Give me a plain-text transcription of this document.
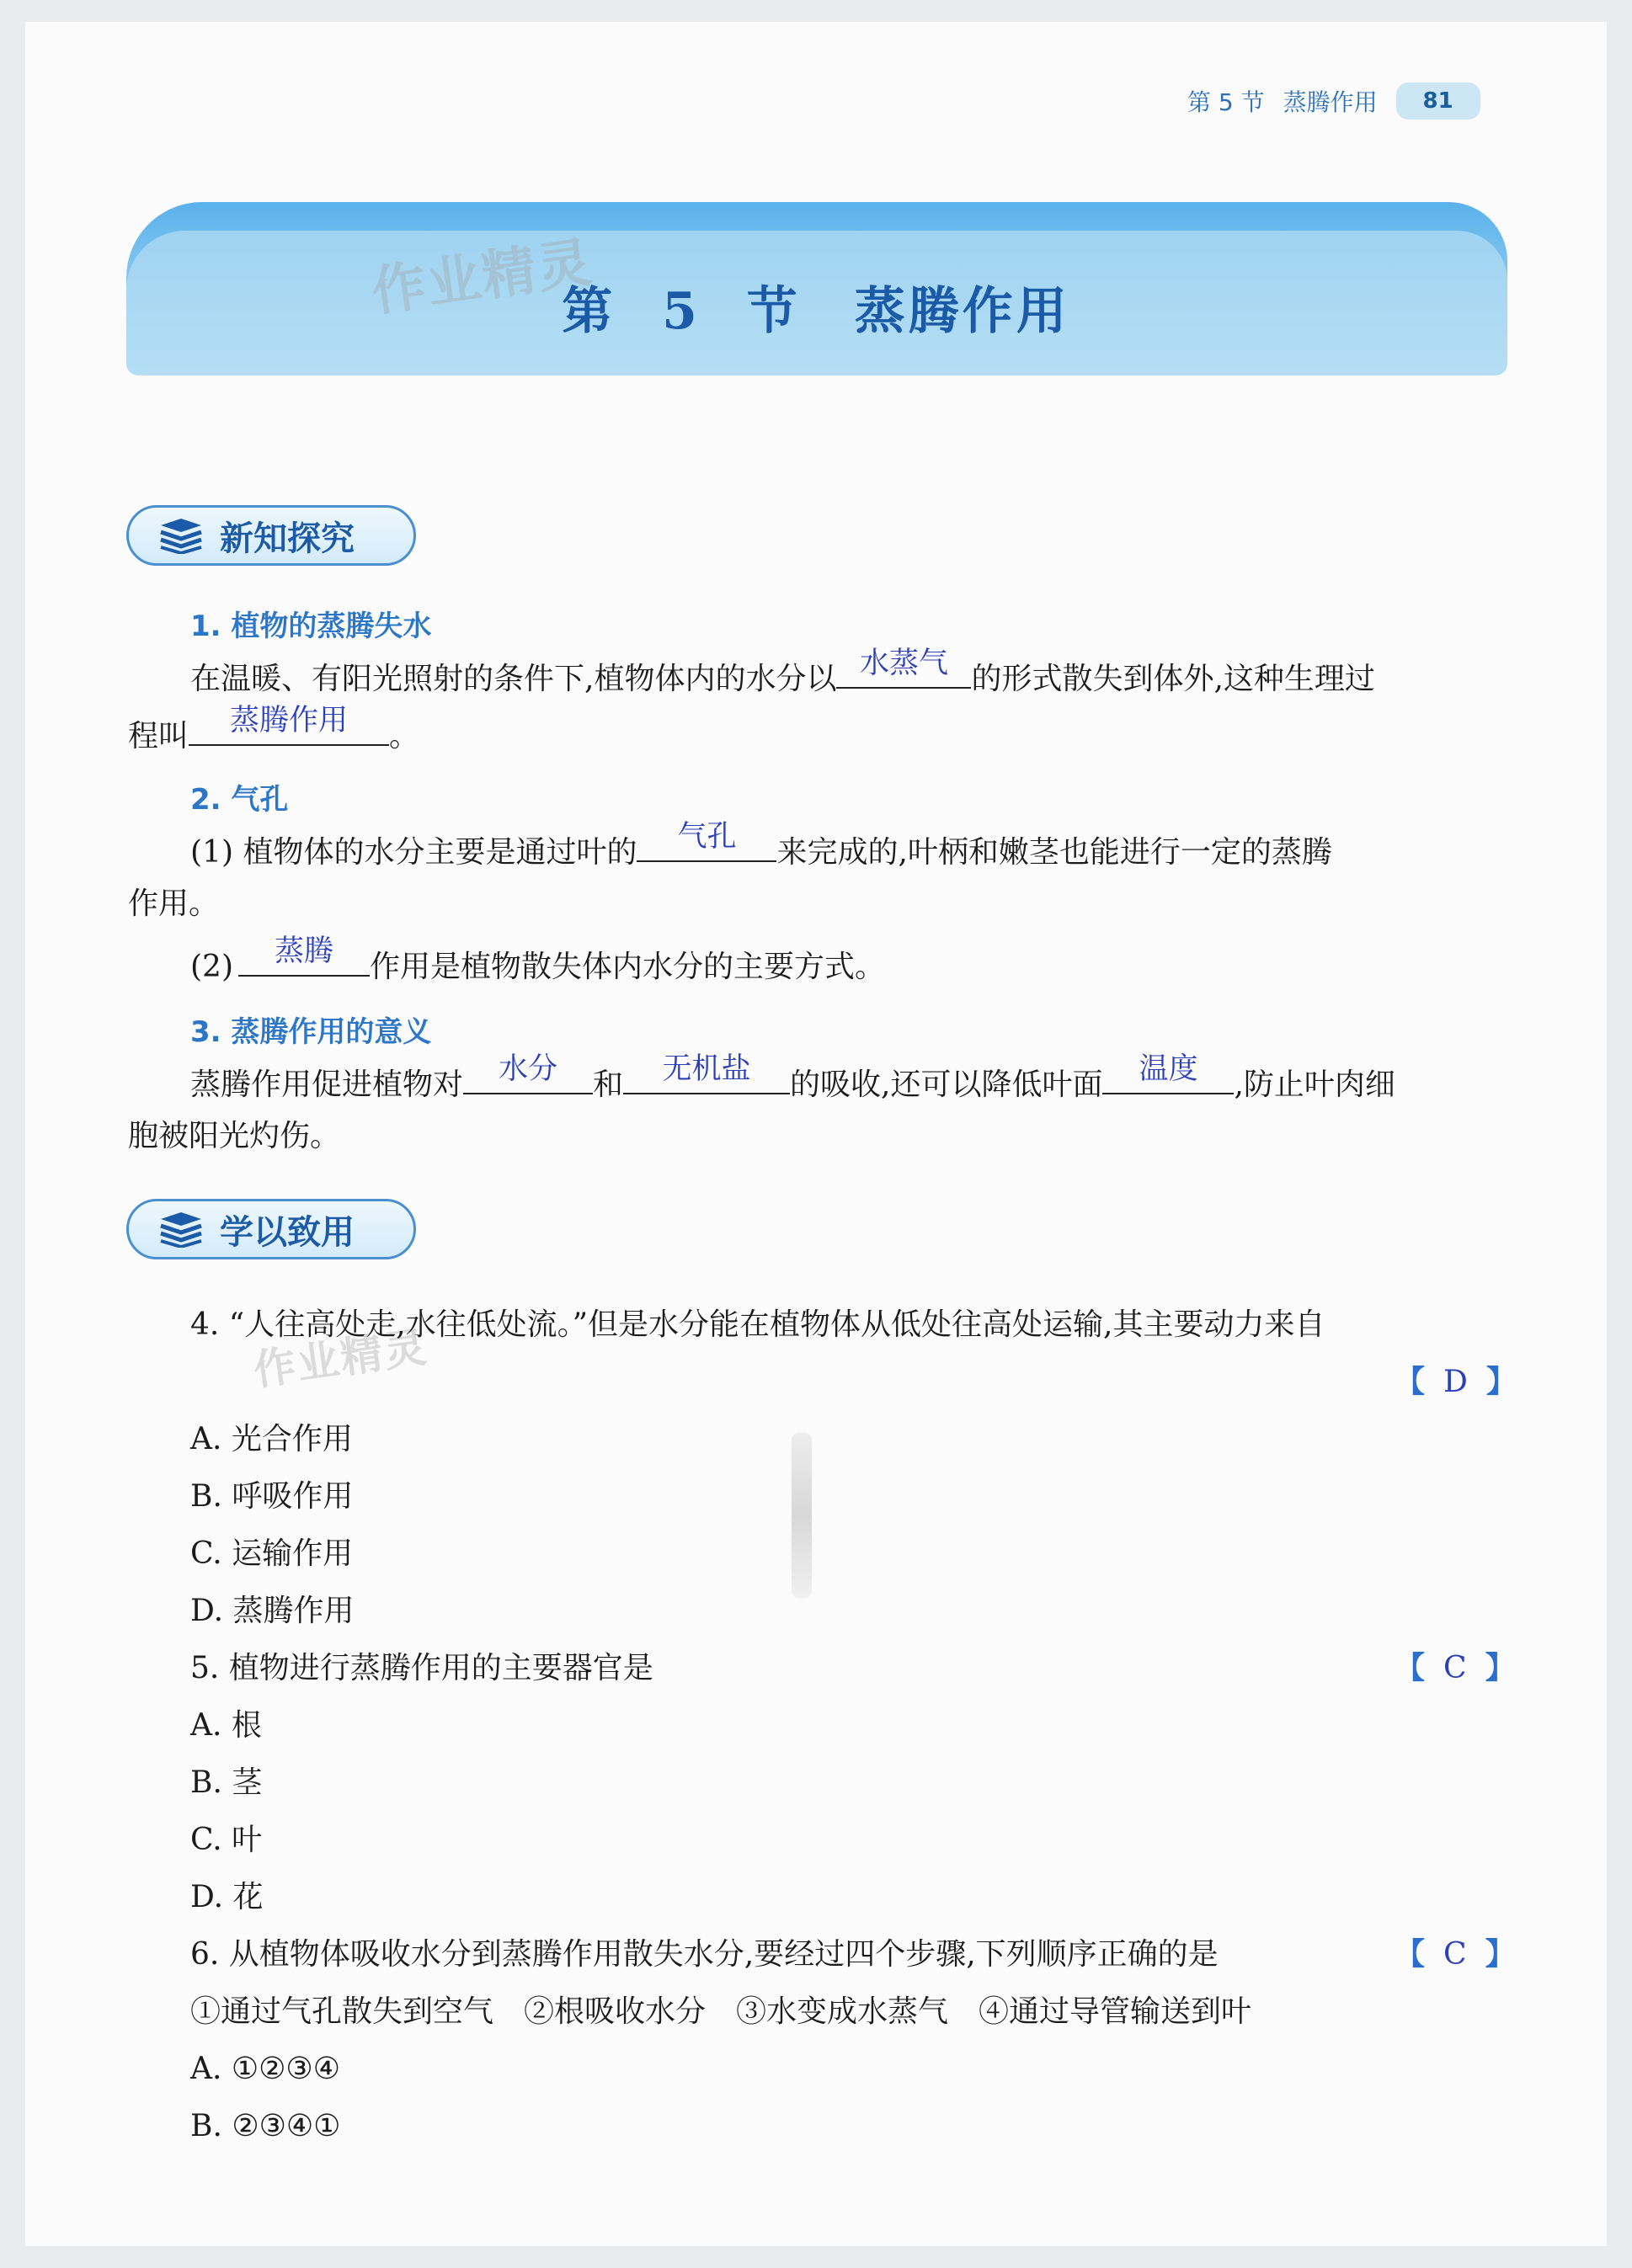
第 5 节 蒸腾作用	81
作业精灵
第 5 节　蒸腾作用
新知探究
1. 植物的蒸腾失水
在温暖、有阳光照射的条件下,植物体内的水分以 水蒸气 的形式散失到体外,这种生理过
程叫	蒸腾作用	。
2. 气孔
(1) 植物体的水分主要是通过叶的	气孔	来完成的,叶柄和嫩茎也能进行一定的蒸腾
作用。
(2)	蒸腾	作用是植物散失体内水分的主要方式。
3. 蒸腾作用的意义
蒸腾作用促进植物对	水分	和	无机盐	的吸收,还可以降低叶面	温度	,防止叶肉细
胞被阳光灼伤。
学以致用
作业精灵
4. “人往高处走,水往低处流。”但是水分能在植物体从低处往高处运输,其主要动力来自
【 D 】
A. 光合作用
B. 呼吸作用
C. 运输作用
D. 蒸腾作用
5. 植物进行蒸腾作用的主要器官是	【 C 】
A. 根
B. 茎
C. 叶
D. 花
6. 从植物体吸收水分到蒸腾作用散失水分,要经过四个步骤,下列顺序正确的是	【 C 】
①通过气孔散失到空气　②根吸收水分　③水变成水蒸气　④通过导管输送到叶
A. ①②③④
B. ②③④①
